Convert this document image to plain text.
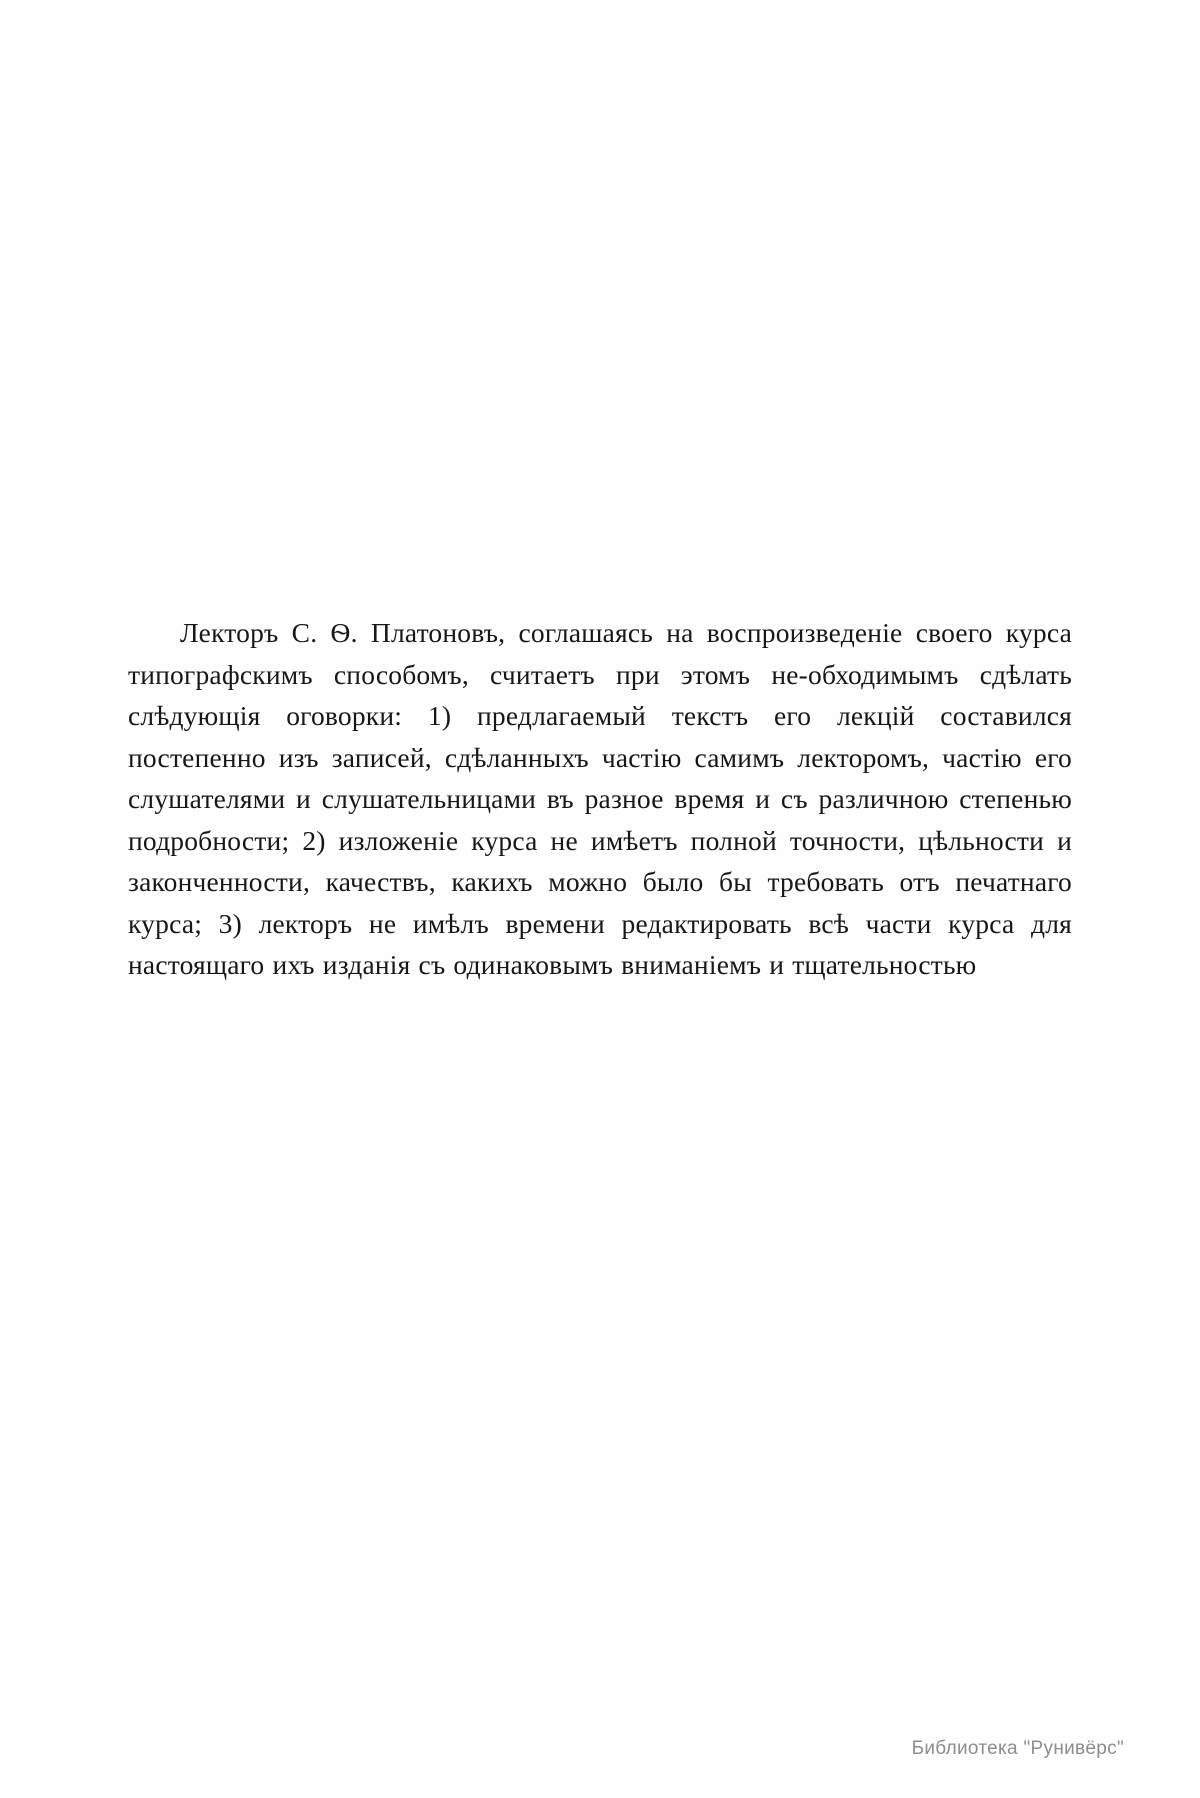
Лекторъ С. Ѳ. Платоновъ, соглашаясь на воспроизведеніе своего курса типографскимъ способомъ, считаетъ при этомъ не-обходимымъ сдѣлать слѣдующія оговорки: 1) предлагаемый текстъ его лекцій составился постепенно изъ записей, сдѣланныхъ частію самимъ лекторомъ, частію его слушателями и слушательницами въ разное время и съ различною степенью подробности; 2) изложеніе курса не имѣетъ полной точности, цѣльности и законченности, качествъ, какихъ можно было бы требовать отъ печатнаго курса; 3) лекторъ не имѣлъ времени редактировать всѣ части курса для настоящаго ихъ изданія съ одинаковымъ вниманіемъ и тщательностью

Библиотека "Рунивёрс"
